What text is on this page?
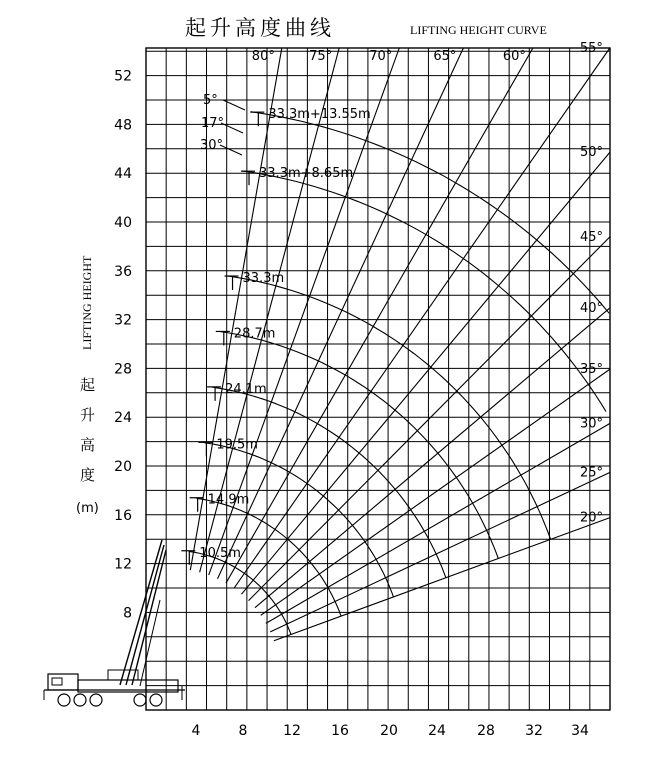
8
12
16
20
24
28
32
36
40
44
48
52
4	8	12 16 20 24 28 32 34
80°	75°	70°	65°	60°
55°
50°
45°
40°
35°
30°
25°
20°
10.5m
14.9m
19.5m
24.1m
28.7m
33.3m
33.3m+8.65m
33.3m+13.55m
5°
17°
30°
起升高度曲线	LIFTING HEIGHT CURVE
LIFTING HEIGHT
起
升
高
度
(m)
